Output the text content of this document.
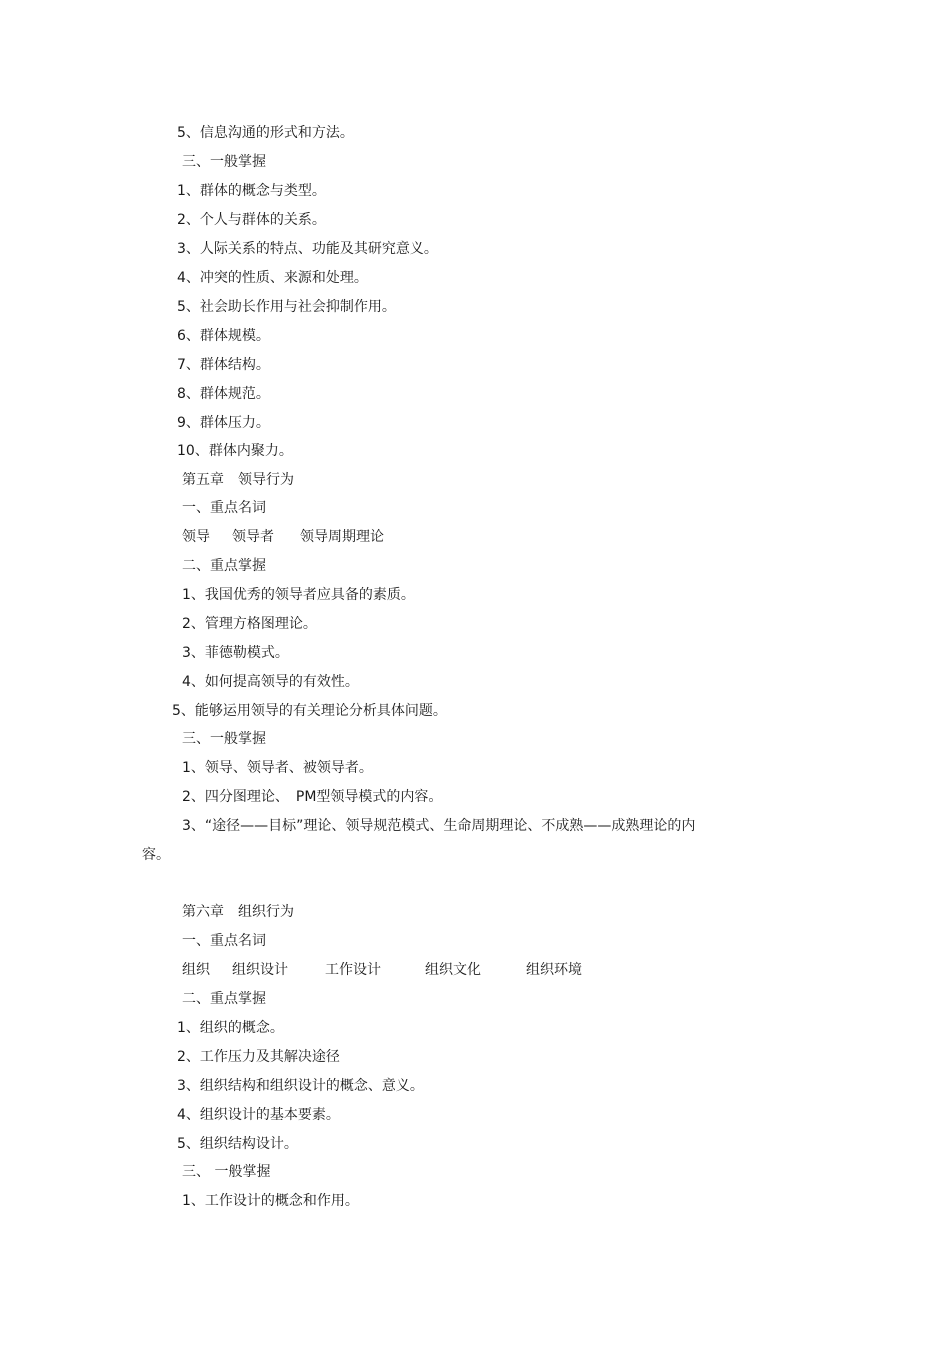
5、信息沟通的形式和方法。

三、一般掌握

1、群体的概念与类型。

2、个人与群体的关系。

3、人际关系的特点、功能及其研究意义。

4、冲突的性质、来源和处理。

5、社会助长作用与社会抑制作用。

6、群体规模。

7、群体结构。

8、群体规范。

9、群体压力。

10、群体内聚力。

第五章　领导行为

一、重点名词

领导

领导者

领导周期理论

二、重点掌握

1、我国优秀的领导者应具备的素质。

2、管理方格图理论。

3、菲德勒模式。

4、如何提高领导的有效性。

5、能够运用领导的有关理论分析具体问题。

三、一般掌握

1、领导、领导者、被领导者。

2、四分图理论、　PM型领导模式的内容。

3、“途径——目标”理论、领导规范模式、生命周期理论、不成熟——成熟理论的内

容。

第六章　组织行为

一、重点名词

组织

组织设计

	工作设计

	组织文化

	组织环境

二、重点掌握

1、组织的概念。

2、工作压力及其解决途径

3、组织结构和组织设计的概念、意义。

4、组织设计的基本要素。

5、组织结构设计。

三、 一般掌握

1、工作设计的概念和作用。
